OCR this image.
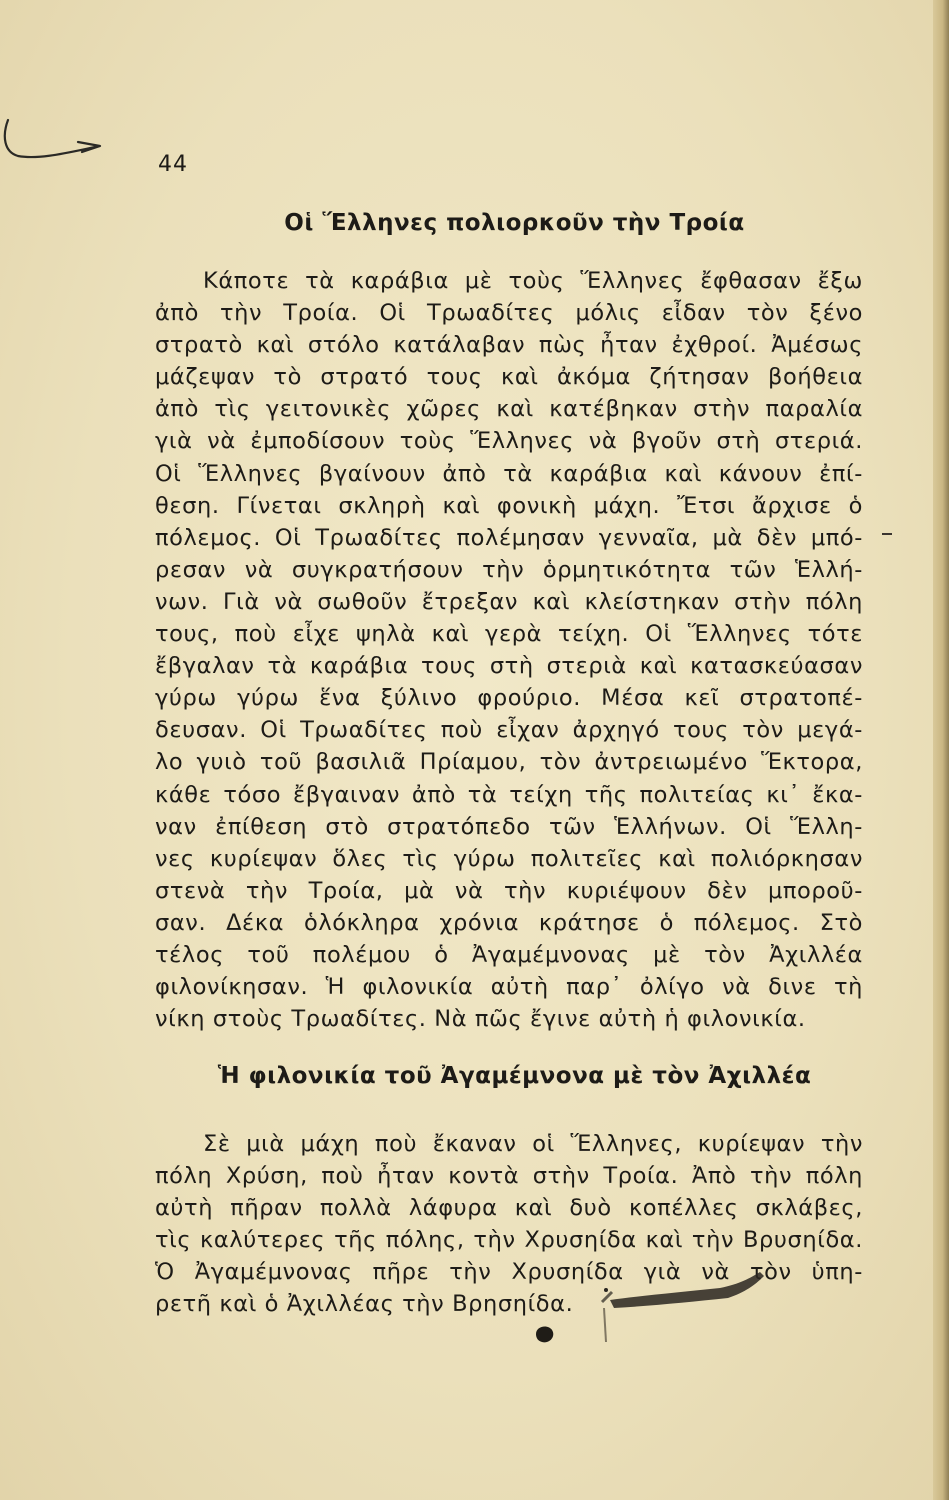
44
Οἱ Ἕλληνες πολιορκοῦν τὴν Τροία
Κάποτε τὰ καράβια μὲ τοὺς Ἕλληνες ἔφθασαν ἔξω
ἀπὸ τὴν Τροία. Οἱ Τρωαδίτες μόλις εἶδαν τὸν ξένο
στρατὸ καὶ στόλο κατάλαβαν πὼς ἦταν ἐχθροί. Ἀμέσως
μάζεψαν τὸ στρατό τους καὶ ἀκόμα ζήτησαν βοήθεια
ἀπὸ τὶς γειτονικὲς χῶρες καὶ κατέβηκαν στὴν παραλία
γιὰ νὰ ἐμποδίσουν τοὺς Ἕλληνες νὰ βγοῦν στὴ στεριά.
Οἱ Ἕλληνες βγαίνουν ἀπὸ τὰ καράβια καὶ κάνουν ἐπί-
θεση. Γίνεται σκληρὴ καὶ φονικὴ μάχη. Ἔτσι ἄρχισε ὁ
πόλεμος. Οἱ Τρωαδίτες πολέμησαν γενναῖα, μὰ δὲν μπό-
ρεσαν νὰ συγκρατήσουν τὴν ὁρμητικότητα τῶν Ἑλλή-
νων. Γιὰ νὰ σωθοῦν ἔτρεξαν καὶ κλείστηκαν στὴν πόλη
τους, ποὺ εἶχε ψηλὰ καὶ γερὰ τείχη. Οἱ Ἕλληνες τότε
ἔβγαλαν τὰ καράβια τους στὴ στεριὰ καὶ κατασκεύασαν
γύρω γύρω ἕνα ξύλινο φρούριο. Μέσα κεῖ στρατοπέ-
δευσαν. Οἱ Τρωαδίτες ποὺ εἶχαν ἀρχηγό τους τὸν μεγά-
λο γυιὸ τοῦ βασιλιᾶ Πρίαμου, τὸν ἀντρειωμένο Ἕκτορα,
κάθε τόσο ἔβγαιναν ἀπὸ τὰ τείχη τῆς πολιτείας κι᾽ ἔκα-
ναν ἐπίθεση στὸ στρατόπεδο τῶν Ἑλλήνων. Οἱ Ἕλλη-
νες κυρίεψαν ὅλες τὶς γύρω πολιτεῖες καὶ πολιόρκησαν
στενὰ τὴν Τροία, μὰ νὰ τὴν κυριέψουν δὲν μποροῦ-
σαν. Δέκα ὁλόκληρα χρόνια κράτησε ὁ πόλεμος. Στὸ
τέλος τοῦ πολέμου ὁ Ἀγαμέμνονας μὲ τὸν Ἀχιλλέα
φιλονίκησαν. Ἡ φιλονικία αὐτὴ παρ᾽ ὀλίγο νὰ δινε τὴ
νίκη στοὺς Τρωαδίτες. Νὰ πῶς ἔγινε αὐτὴ ἡ φιλονικία.
Ἡ φιλονικία τοῦ Ἀγαμέμνονα μὲ τὸν Ἀχιλλέα
Σὲ μιὰ μάχη ποὺ ἔκαναν οἱ Ἕλληνες, κυρίεψαν τὴν
πόλη Χρύση, ποὺ ἦταν κοντὰ στὴν Τροία. Ἀπὸ τὴν πόλη
αὐτὴ πῆραν πολλὰ λάφυρα καὶ δυὸ κοπέλλες σκλάβες,
τὶς καλύτερες τῆς πόλης, τὴν Χρυσηίδα καὶ τὴν Βρυσηίδα.
Ὁ Ἀγαμέμνονας πῆρε τὴν Χρυσηίδα γιὰ νὰ τὸν ὑπη-
ρετῆ καὶ ὁ Ἀχιλλέας τὴν Βρησηίδα.
